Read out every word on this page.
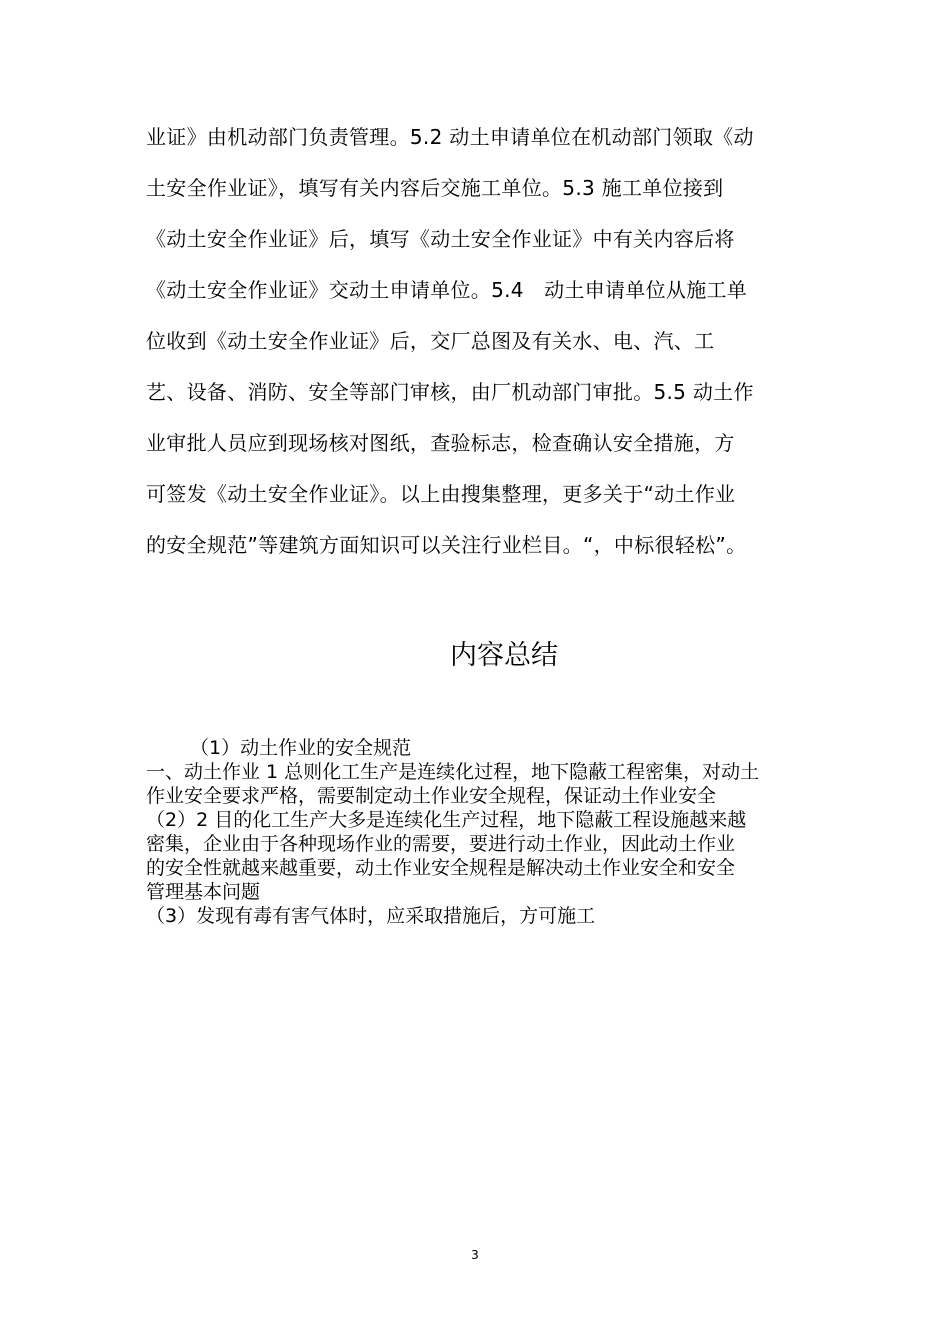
业证》由机动部门负责管理。5.2 动土申请单位在机动部门领取《动
土安全作业证》，填写有关内容后交施工单位。5.3 施工单位接到
《动土安全作业证》后，填写《动土安全作业证》中有关内容后将
《动土安全作业证》交动土申请单位。5.4　动土申请单位从施工单
位收到《动土安全作业证》后，交厂总图及有关水、电、汽、工
艺、设备、消防、安全等部门审核，由厂机动部门审批。5.5 动土作
业审批人员应到现场核对图纸，查验标志，检查确认安全措施，方
可签发《动土安全作业证》。以上由搜集整理，更多关于“动土作业
的安全规范”等建筑方面知识可以关注行业栏目。“，中标很轻松”。
内容总结
（1）动土作业的安全规范
一、动土作业 1 总则化工生产是连续化过程，地下隐蔽工程密集，对动土
作业安全要求严格，需要制定动土作业安全规程，保证动土作业安全
（2）2 目的化工生产大多是连续化生产过程，地下隐蔽工程设施越来越
密集，企业由于各种现场作业的需要，要进行动土作业，因此动土作业
的安全性就越来越重要，动土作业安全规程是解决动土作业安全和安全
管理基本问题
（3）发现有毒有害气体时，应采取措施后，方可施工
3
